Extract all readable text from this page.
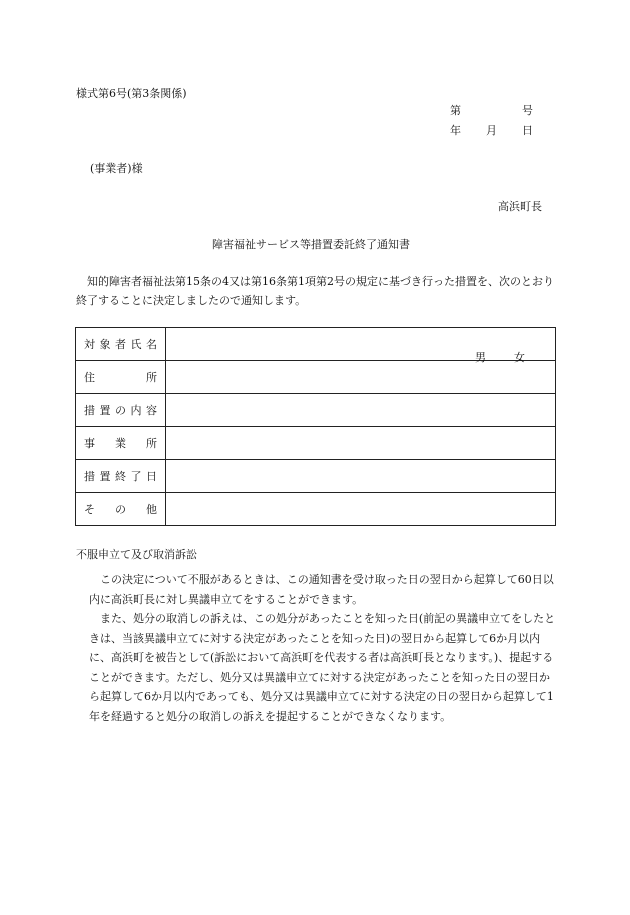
様式第6号(第3条関係)
第	号
年 月 日
(事業者)様
高浜町長
障害福祉サービス等措置委託終了通知書

知的障害者福祉法第15条の4又は第16条第1項第2号の規定に基づき行った措置を、次のとおり終了することに決定しましたので通知します。

対 象 者 氏 名	男 女

住 所	

措 置 の 内 容	

事 業 所	

措 置 終 了 日	

そ の 他	

不服申立て及び取消訴訟

この決定について不服があるときは、この通知書を受け取った日の翌日から起算して60日以内に高浜町長に対し異議申立てをすることができます。

また、処分の取消しの訴えは、この処分があったことを知った日(前記の異議申立てをしたときは、当該異議申立てに対する決定があったことを知った日)の翌日から起算して6か月以内に、高浜町を被告として(訴訟において高浜町を代表する者は高浜町長となります。)、提起することができます。ただし、処分又は異議申立てに対する決定があったことを知った日の翌日から起算して6か月以内であっても、処分又は異議申立てに対する決定の日の翌日から起算して1年を経過すると処分の取消しの訴えを提起することができなくなります。
